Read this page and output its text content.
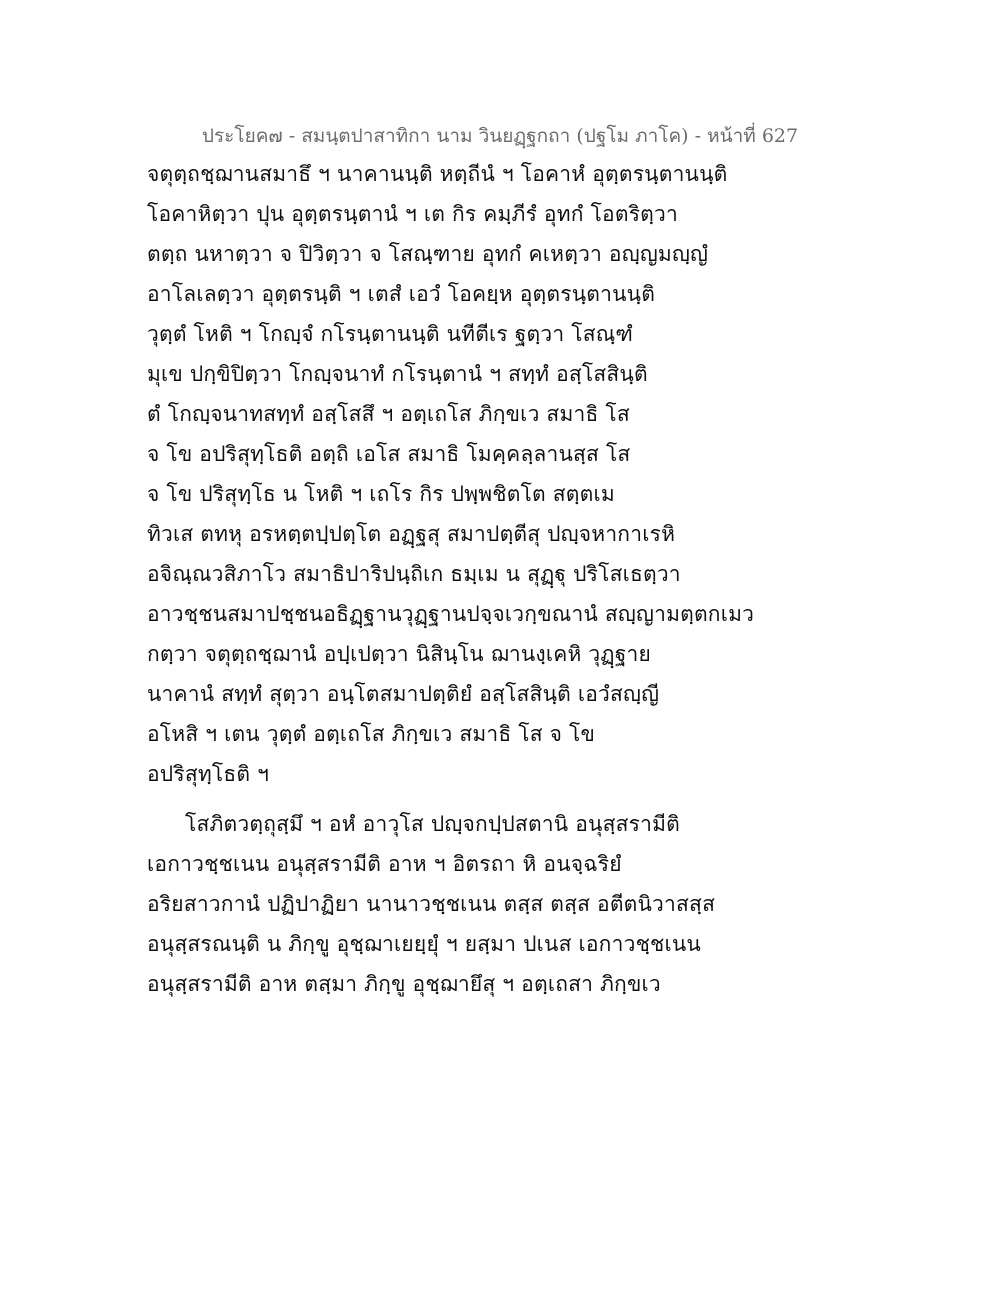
ประโยค๗ - สมนฺตปาสาทิกา นาม วินยฏฺฐกถา (ปฐโม ภาโค) - หน้าที่ 627
จตุตฺถชฺฌานสมาธึ ฯ นาคานนฺติ หตฺถีนํ ฯ โอคาหํ อุตฺตรนฺตานนฺติ
โอคาหิตฺวา ปุน อุตฺตรนฺตานํ ฯ เต กิร คมฺภีรํ อุทกํ โอตริตฺวา
ตตฺถ นหาตฺวา จ ปิวิตฺวา จ โสณฺฑาย อุทกํ คเหตฺวา อญฺญมญฺญํ
อาโลเลตฺวา อุตฺตรนฺติ ฯ เตสํ เอวํ โอคยฺห อุตฺตรนฺตานนฺติ
วุตฺตํ โหติ ฯ โกญฺจํ กโรนฺตานนฺติ นทีตีเร ฐตฺวา โสณฺฑํ
มุเข ปกฺขิปิตฺวา โกญฺจนาทํ กโรนฺตานํ ฯ สทฺทํ อสฺโสสินฺติ
ตํ โกญฺจนาทสทฺทํ อสฺโสสึ ฯ อตฺเถโส ภิกฺขเว สมาธิ โส
จ โข อปริสุทฺโธติ อตฺถิ เอโส สมาธิ โมคฺคลฺลานสฺส โส
จ โข ปริสุทฺโธ น โหติ ฯ เถโร กิร ปพฺพชิตโต สตฺตเม
ทิวเส ตทหุ อรหตฺตปฺปตฺโต อฏฺฐสุ สมาปตฺตีสุ ปญฺจหากาเรหิ
อจิณฺณวสิภาโว สมาธิปาริปนฺถิเก ธมฺเม น สุฏฺฐุ ปริโสเธตฺวา
อาวชฺชนสมาปชฺชนอธิฏฺฐานวุฏฺฐานปจฺจเวกฺขณานํ สญฺญามตฺตกเมว
กตฺวา จตุตฺถชฺฌานํ อปฺเปตฺวา นิสินฺโน ฌานงฺเคหิ วุฏฺฐาย
นาคานํ สทฺทํ สุตฺวา อนฺโตสมาปตฺติยํ อสฺโสสินฺติ เอวํสญฺญี
อโหสิ ฯ เตน วุตฺตํ อตฺเถโส ภิกฺขเว สมาธิ โส จ โข
อปริสุทฺโธติ ฯ
โสภิตวตฺถุสฺมึ ฯ อหํ อาวุโส ปญฺจกปฺปสตานิ อนุสฺสรามีติ
เอกาวชฺชเนน อนุสฺสรามีติ อาห ฯ อิตรถา หิ อนจฺฉริยํ
อริยสาวกานํ ปฏิปาฏิยา นานาวชฺชเนน ตสฺส ตสฺส อตีตนิวาสสฺส
อนุสฺสรณนฺติ น ภิกฺขู อุชฺฌาเยยฺยุํ ฯ ยสฺมา ปเนส เอกาวชฺชเนน
อนุสฺสรามีติ อาห ตสฺมา ภิกฺขู อุชฺฌายึสุ ฯ อตฺเถสา ภิกฺขเว
